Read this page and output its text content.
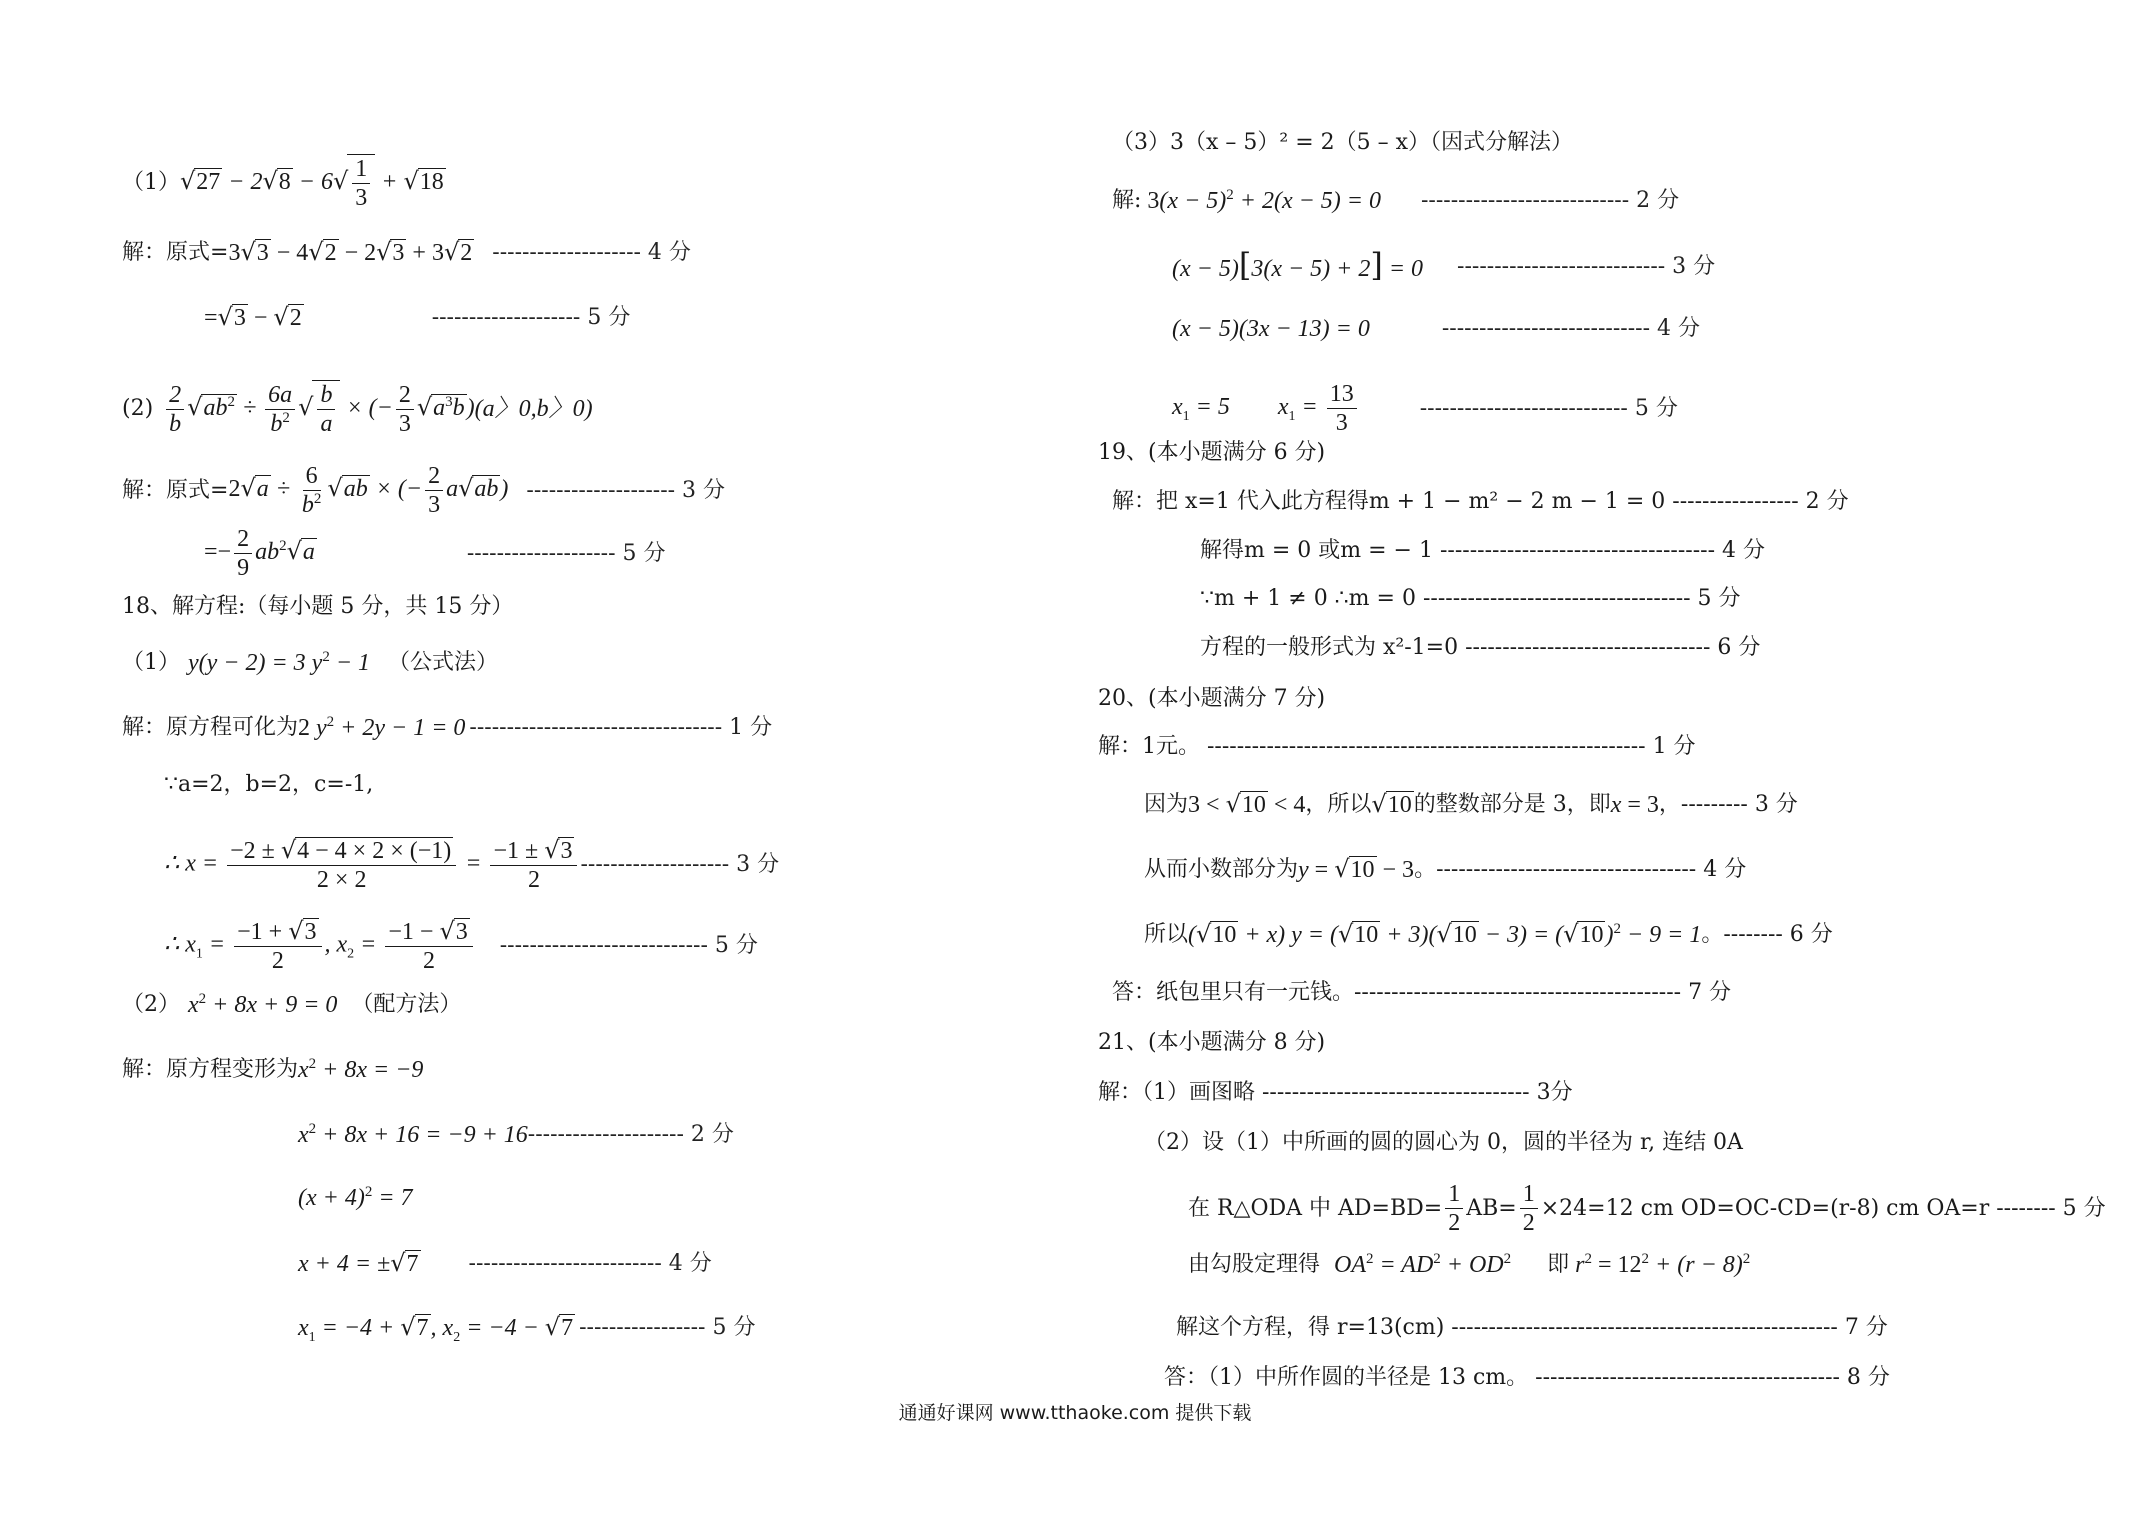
（1） $√27 - 2√8 - 6√ \frac{1}{3} + √18$
解：原式= 3√3 − 4√2 − 2√3 + 3√2 -------------------- 4 分
=√3 − √2	-------------------- 5 分
$(2) \frac{2}{b} √ab^2 \div \frac{6a}{b^2}$ √ $\frac{b}{a}$ × (− $\frac{2}{3} √a^3b$) (a〉0,b〉0)
解：原式= $2√a \div \frac{6}{b^2} √ab$ × (− $\frac{2}{3} a√ab$) -------------------- 3 分
=− $\frac{2}{9} ab^2√a$	-------------------- 5 分
18、解方程:（每小题 5 分，共 15 分）
（1） y(y − 2) = 3 $y^2 - 1$ （公式法）
解：原方程可化为 2 $y^2 + 2y - 1 = 0$ ---------------------------------- 1 分
∵a=2，b=2，c=-1,
∴ $x = \frac{-2 \pm √4 - 4 \times 2 \times (-1)}{2 \times 2} = \frac{-1 \pm √3}{2}$ -------------------- 3 分
∴ $x_1 = \frac{-1 + √3}{2}$ , $x_2 = \frac{-1 - √3}{2}$ ---------------------------- 5 分
（2） $x^2 + 8x + 9 = 0$ （配方法）
解：原方程变形为 $x^2 + 8x = -9$
$x^2 + 8x + 16 = -9 + 16$ --------------------- 2 分
$(x + 4)^2 = 7$
x + 4 = ±√7 -------------------------- 4 分
$x_1 = -4 + √7$, $x_2 = -4 - √7$ ----------------- 5 分
（3）3（x – 5）² = 2（5 – x）（因式分解法）
解: $3(x - 5)^2 + 2(x - 5) = 0$ ---------------------------- 2 分
(x − 5)[3(x − 5) + 2] = 0 ---------------------------- 3 分
(x − 5)(3x − 13) = 0	---------------------------- 4 分
$x_1 = 5$        $x_1 = \frac{13}{3}$	---------------------------- 5 分
19、(本小题满分 6 分)
解：把 x=1 代入此方程得m + 1 − m² − 2 m − 1 = 0 ----------------- 2 分
解得m = 0 或m = − 1 ------------------------------------- 4 分
∵m + 1 ≠ 0 ∴m = 0 ------------------------------------ 5 分
方程的一般形式为 x²-1=0 --------------------------------- 6 分
20、(本小题满分 7 分)
解：1元。 ----------------------------------------------------------- 1 分
因为 3 < √10 < 4 ，所以 √10 的整数部分是 3，即 x = 3 ，--------- 3 分
从而小数部分为 y = √10 − 3 。----------------------------------- 4 分
所以 (√10 + x) $y = (√10 + 3)(√10 - 3) = (√10)^2 - 9 = 1$ 。-------- 6 分
答：纸包里只有一元钱。-------------------------------------------- 7 分
21、(本小题满分 8 分)
解：（1）画图略 ------------------------------------ 3分
（2）设（1）中所画的圆的圆心为 0，圆的半径为 r, 连结 0A
在 R△ODA 中 $AD=BD= \frac{1}{2} AB= \frac{1}{2} \times 24=12$ cm OD=OC-CD=(r-8) cm OA=r -------- 5 分
由勾股定理得 $OA^2 = AD^2 + OD^2$ 即 $r^2 = 12^2 + (r - 8)^2$
解这个方程，得 r=13(cm) ---------------------------------------------------- 7 分
答：（1）中所作圆的半径是 13 cm。 ----------------------------------------- 8 分
通通好课网 www.tthaoke.com 提供下载
